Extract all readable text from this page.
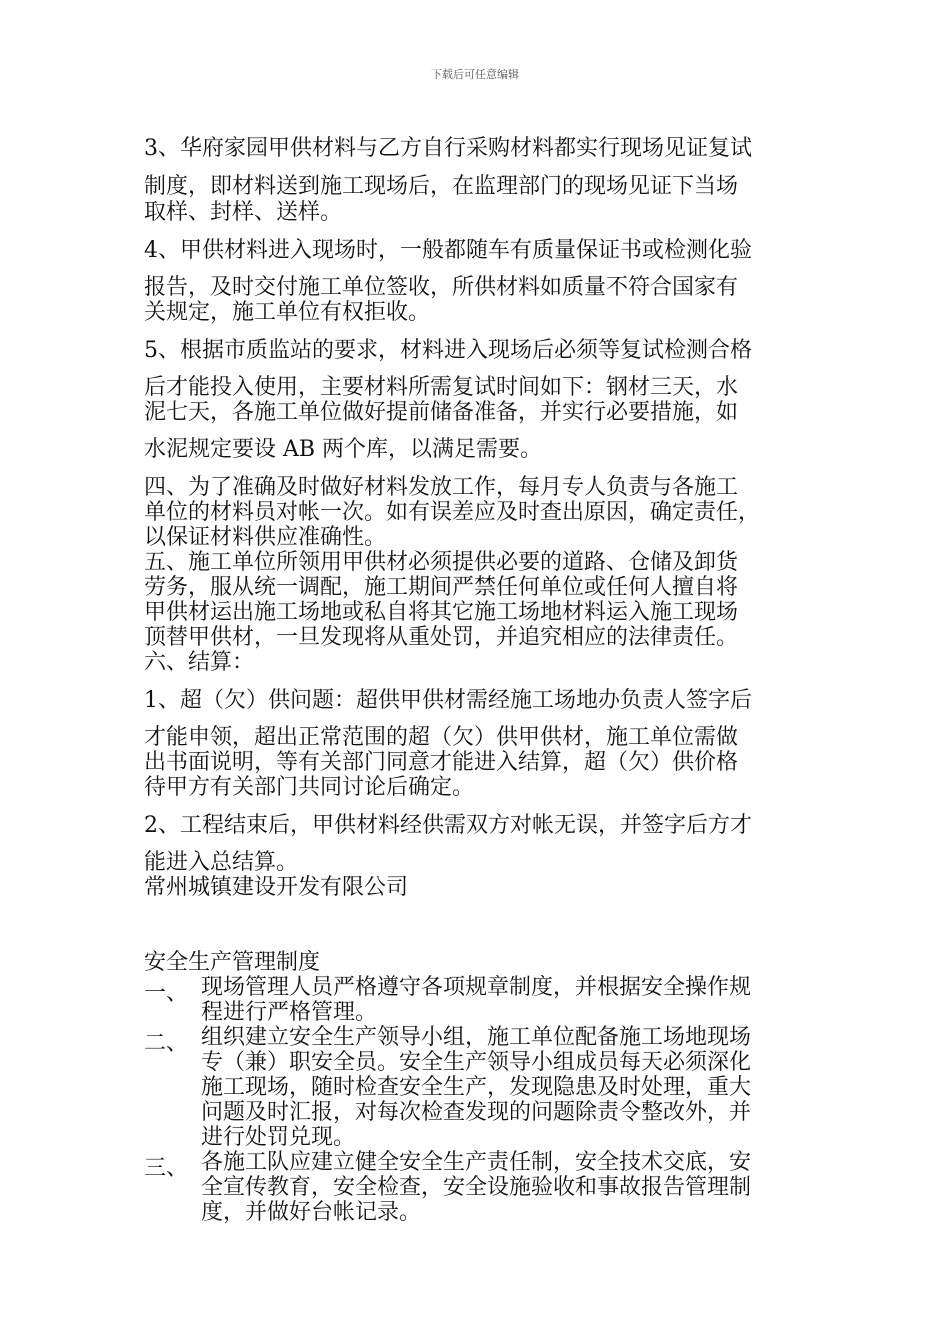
下载后可任意编辑
3、华府家园甲供材料与乙方自行采购材料都实行现场见证复试
制度，即材料送到施工现场后，在监理部门的现场见证下当场
取样、封样、送样。
4、甲供材料进入现场时，一般都随车有质量保证书或检测化验
报告，及时交付施工单位签收，所供材料如质量不符合国家有
关规定，施工单位有权拒收。
5、根据市质监站的要求，材料进入现场后必须等复试检测合格
后才能投入使用，主要材料所需复试时间如下：钢材三天，水
泥七天，各施工单位做好提前储备准备，并实行必要措施，如
水泥规定要设 AB 两个库，以满足需要。
四、为了准确及时做好材料发放工作，每月专人负责与各施工
单位的材料员对帐一次。如有误差应及时查出原因，确定责任，
以保证材料供应准确性。
五、施工单位所领用甲供材必须提供必要的道路、仓储及卸货
劳务，服从统一调配，施工期间严禁任何单位或任何人擅自将
甲供材运出施工场地或私自将其它施工场地材料运入施工现场
顶替甲供材，一旦发现将从重处罚，并追究相应的法律责任。
六、结算：
1、超（欠）供问题：超供甲供材需经施工场地办负责人签字后
才能申领，超出正常范围的超（欠）供甲供材，施工单位需做
出书面说明，等有关部门同意才能进入结算，超（欠）供价格
待甲方有关部门共同讨论后确定。
2、工程结束后，甲供材料经供需双方对帐无误，并签字后方才
能进入总结算。
常州城镇建设开发有限公司
安全生产管理制度
一、 现场管理人员严格遵守各项规章制度，并根据安全操作规
程进行严格管理。
二、 组织建立安全生产领导小组，施工单位配备施工场地现场
专（兼）职安全员。安全生产领导小组成员每天必须深化
施工现场，随时检查安全生产，发现隐患及时处理，重大
问题及时汇报，对每次检查发现的问题除责令整改外，并
进行处罚兑现。
三、 各施工队应建立健全安全生产责任制，安全技术交底，安
全宣传教育，安全检查，安全设施验收和事故报告管理制
度，并做好台帐记录。
